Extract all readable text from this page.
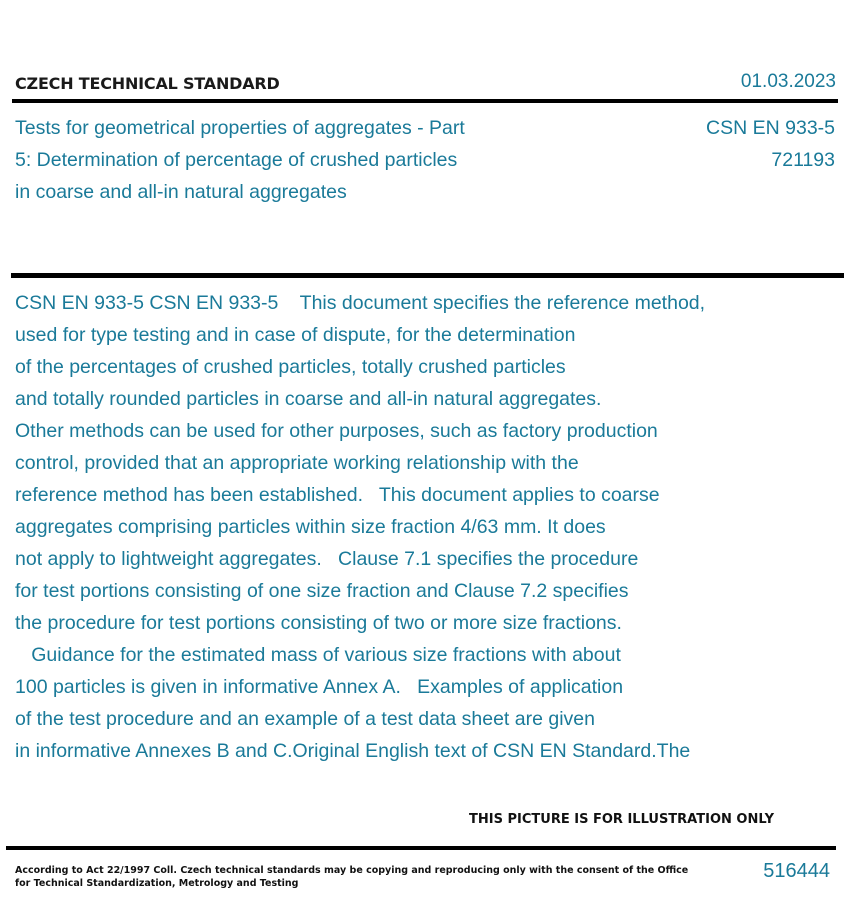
CZECH TECHNICAL STANDARD	01.03.2023
Tests for geometrical properties of aggregates - Part
5: Determination of percentage of crushed particles
in coarse and all-in natural aggregates
CSN EN 933-5
721193
CSN EN 933-5 CSN EN 933-5    This document specifies the reference method,
used for type testing and in case of dispute, for the determination
of the percentages of crushed particles, totally crushed particles
and totally rounded particles in coarse and all-in natural aggregates.
Other methods can be used for other purposes, such as factory production
control, provided that an appropriate working relationship with the
reference method has been established.   This document applies to coarse
aggregates comprising particles within size fraction 4/63 mm. It does
not apply to lightweight aggregates.   Clause 7.1 specifies the procedure
for test portions consisting of one size fraction and Clause 7.2 specifies
the procedure for test portions consisting of two or more size fractions.
Guidance for the estimated mass of various size fractions with about
100 particles is given in informative Annex A.   Examples of application
of the test procedure and an example of a test data sheet are given
in informative Annexes B and C.Original English text of CSN EN Standard.The
THIS PICTURE IS FOR ILLUSTRATION ONLY
According to Act 22/1997 Coll. Czech technical standards may be copying and reproducing only with the consent of the Office
for Technical Standardization, Metrology and Testing
516444
